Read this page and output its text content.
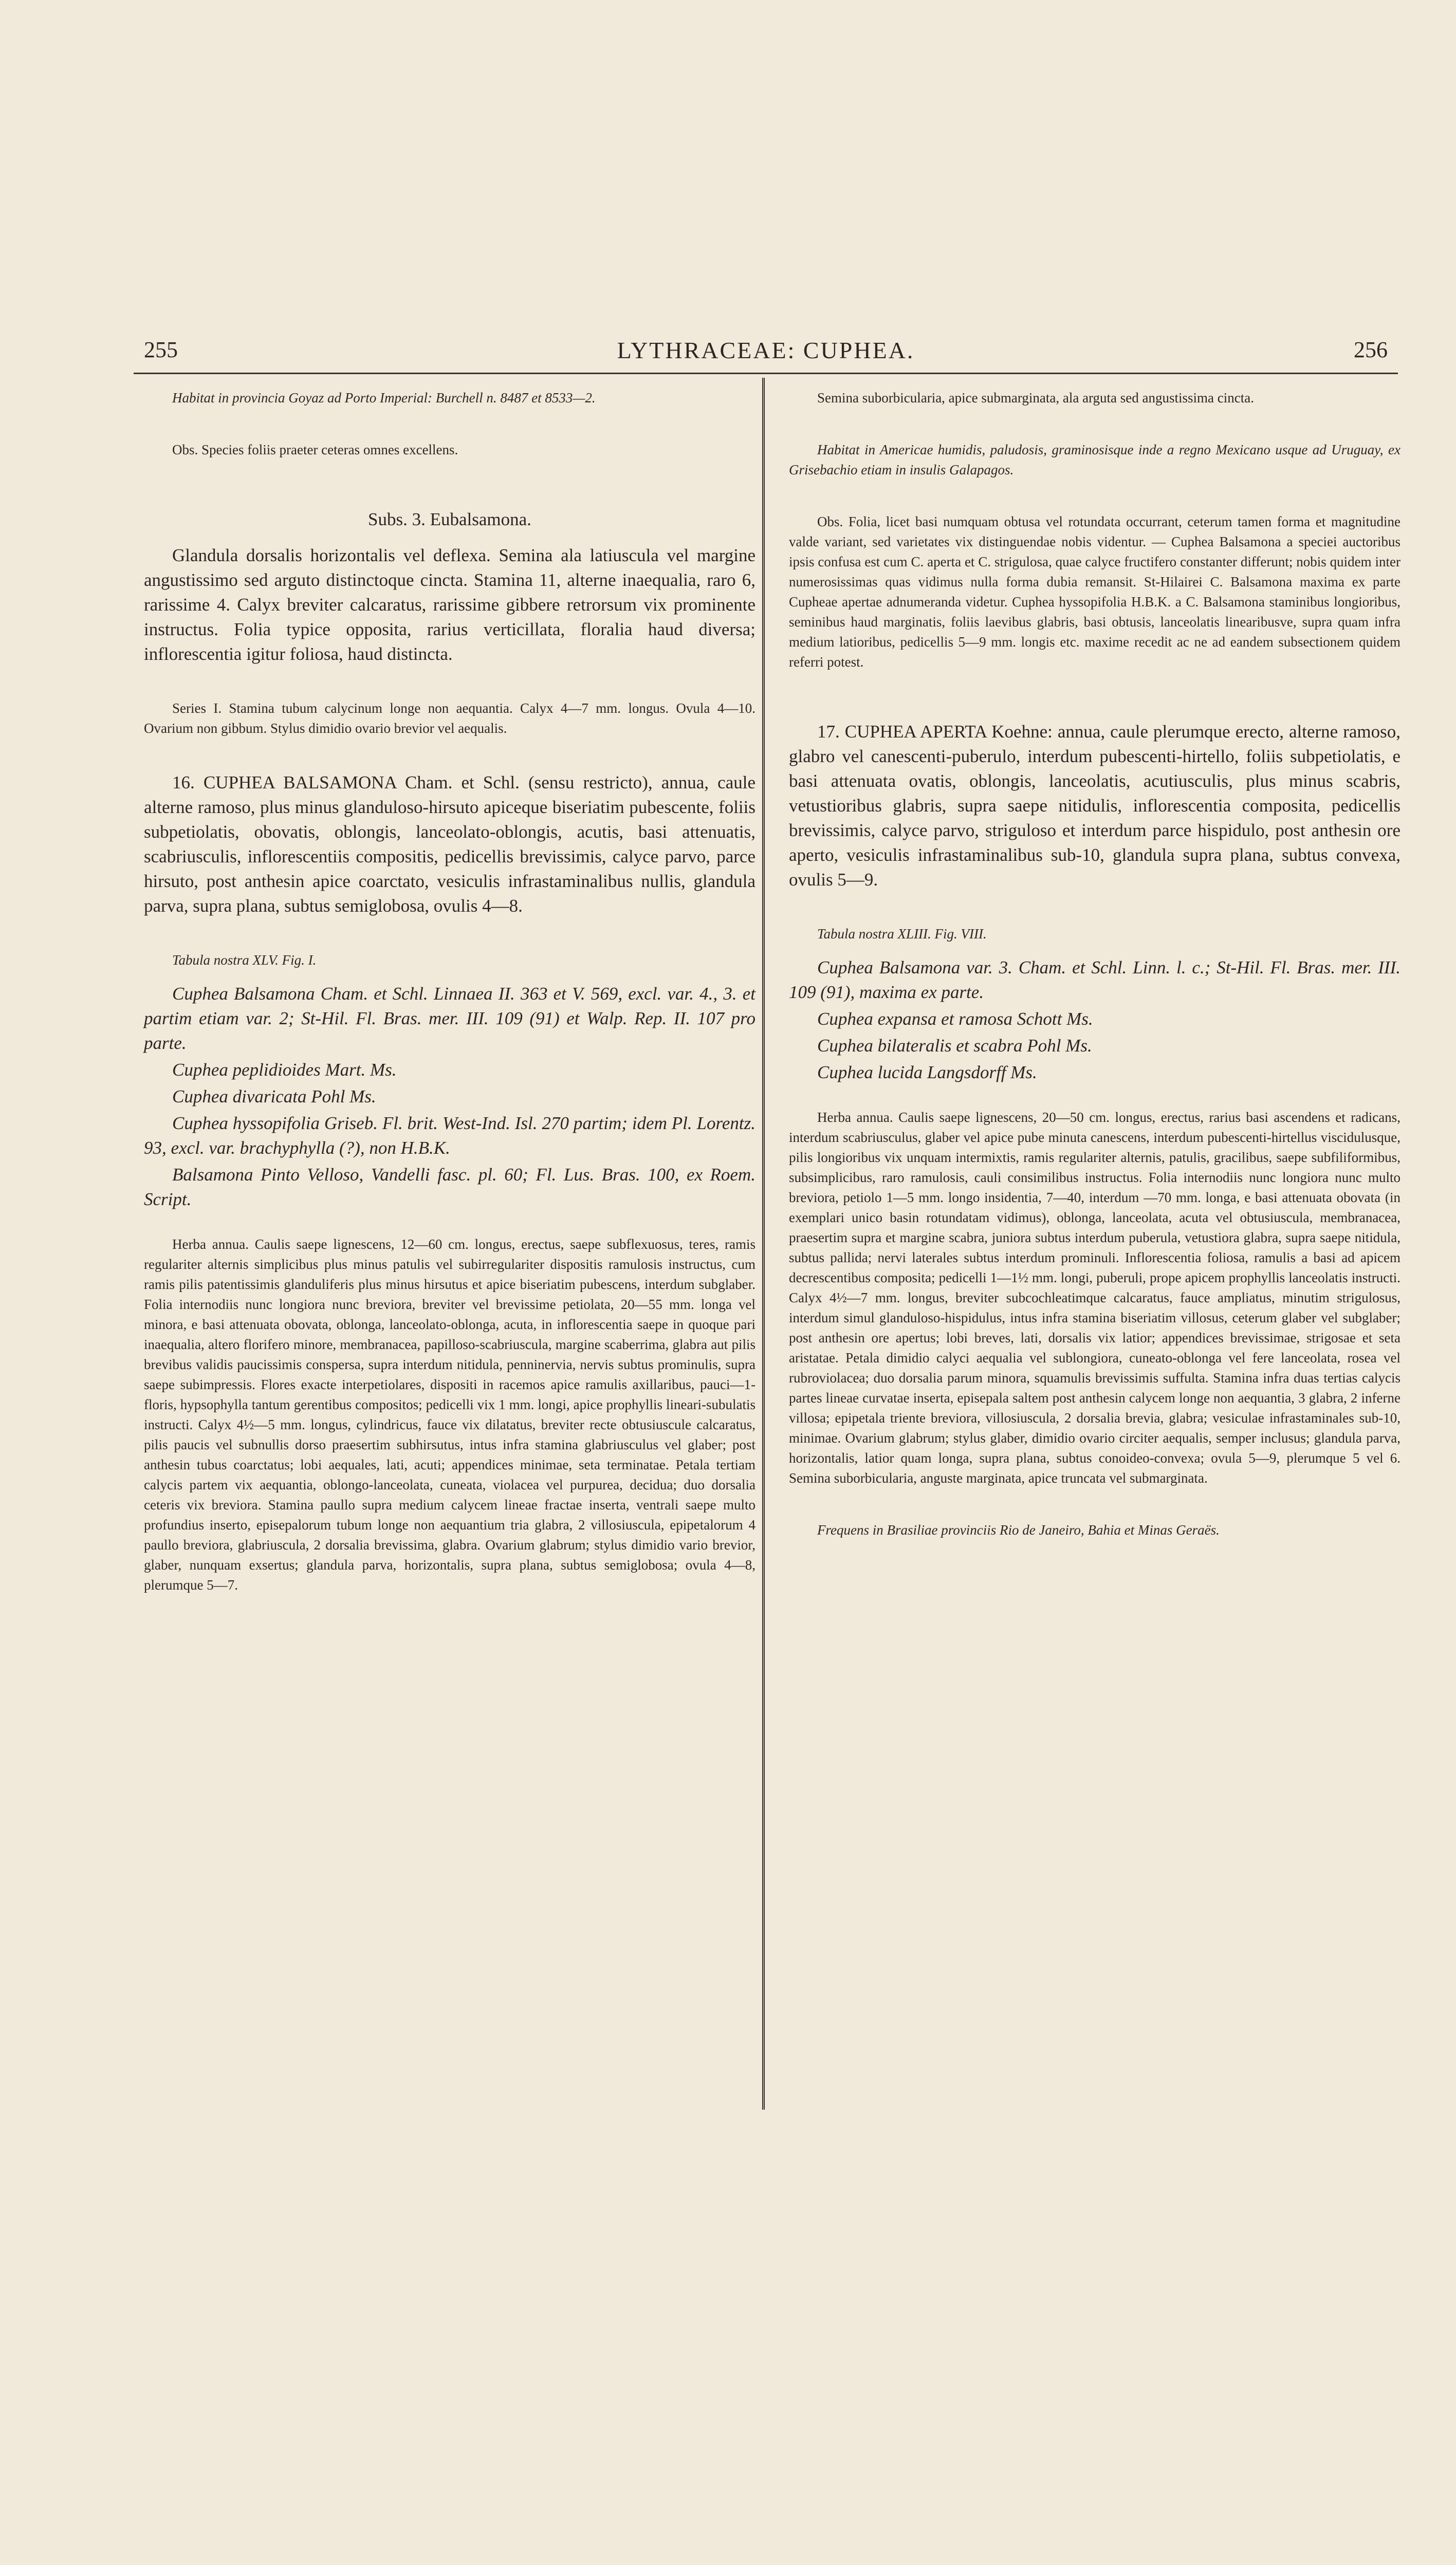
255	LYTHRACEAE: CUPHEA.	256

Habitat in provincia Goyaz ad Porto Imperial: Burchell n. 8487 et 8533—2.

Obs. Species foliis praeter ceteras omnes excellens.

Subs. 3. Eubalsamona.

Glandula dorsalis horizontalis vel deflexa. Semina ala latiuscula vel margine angustissimo sed arguto distinctoque cincta. Stamina 11, alterne inaequalia, raro 6, rarissime 4. Calyx breviter calcaratus, rarissime gibbere retrorsum vix prominente instructus. Folia typice opposita, rarius verticillata, floralia haud diversa; inflorescentia igitur foliosa, haud distincta.

Series I. Stamina tubum calycinum longe non aequantia. Calyx 4—7 mm. longus. Ovula 4—10. Ovarium non gibbum. Stylus dimidio ovario brevior vel aequalis.

16. CUPHEA BALSAMONA Cham. et Schl. (sensu restricto), annua, caule alterne ramoso, plus minus glanduloso-hirsuto apiceque biseriatim pubescente, foliis subpetiolatis, obovatis, oblongis, lanceolato-oblongis, acutis, basi attenuatis, scabriusculis, inflorescentiis compositis, pedicellis brevissimis, calyce parvo, parce hirsuto, post anthesin apice coarctato, vesiculis infrastaminalibus nullis, glandula parva, supra plana, subtus semiglobosa, ovulis 4—8.

Tabula nostra XLV. Fig. I.

Cuphea Balsamona Cham. et Schl. Linnaea II. 363 et V. 569, excl. var. 4., 3. et partim etiam var. 2; St-Hil. Fl. Bras. mer. III. 109 (91) et Walp. Rep. II. 107 pro parte.

Cuphea peplidioides Mart. Ms.

Cuphea divaricata Pohl Ms.

Cuphea hyssopifolia Griseb. Fl. brit. West-Ind. Isl. 270 partim; idem Pl. Lorentz. 93, excl. var. brachyphylla (?), non H.B.K.

Balsamona Pinto Velloso, Vandelli fasc. pl. 60; Fl. Lus. Bras. 100, ex Roem. Script.

Herba annua. Caulis saepe lignescens, 12—60 cm. longus, erectus, saepe subflexuosus, teres, ramis regulariter alternis simplicibus plus minus patulis vel subirregulariter dispositis ramulosis instructus, cum ramis pilis patentissimis glanduliferis plus minus hirsutus et apice biseriatim pubescens, interdum subglaber. Folia internodiis nunc longiora nunc breviora, breviter vel brevissime petiolata, 20—55 mm. longa vel minora, e basi attenuata obovata, oblonga, lanceolato-oblonga, acuta, in inflorescentia saepe in quoque pari inaequalia, altero florifero minore, membranacea, papilloso-scabriuscula, margine scaberrima, glabra aut pilis brevibus validis paucissimis conspersa, supra interdum nitidula, penninervia, nervis subtus prominulis, supra saepe subimpressis. Flores exacte interpetiolares, dispositi in racemos apice ramulis axillaribus, pauci—1-floris, hypsophylla tantum gerentibus compositos; pedicelli vix 1 mm. longi, apice prophyllis lineari-subulatis instructi. Calyx 4½—5 mm. longus, cylindricus, fauce vix dilatatus, breviter recte obtusiuscule calcaratus, pilis paucis vel subnullis dorso praesertim subhirsutus, intus infra stamina glabriusculus vel glaber; post anthesin tubus coarctatus; lobi aequales, lati, acuti; appendices minimae, seta terminatae. Petala tertiam calycis partem vix aequantia, oblongo-lanceolata, cuneata, violacea vel purpurea, decidua; duo dorsalia ceteris vix breviora. Stamina paullo supra medium calycem lineae fractae inserta, ventrali saepe multo profundius inserto, episepalorum tubum longe non aequantium tria glabra, 2 villosiuscula, epipetalorum 4 paullo breviora, glabriuscula, 2 dorsalia brevissima, glabra. Ovarium glabrum; stylus dimidio vario brevior, glaber, nunquam exsertus; glandula parva, horizontalis, supra plana, subtus semiglobosa; ovula 4—8, plerumque 5—7.

Semina suborbicularia, apice submarginata, ala arguta sed angustissima cincta.

Habitat in Americae humidis, paludosis, graminosisque inde a regno Mexicano usque ad Uruguay, ex Grisebachio etiam in insulis Galapagos.

Obs. Folia, licet basi numquam obtusa vel rotundata occurrant, ceterum tamen forma et magnitudine valde variant, sed varietates vix distinguendae nobis videntur. — Cuphea Balsamona a speciei auctoribus ipsis confusa est cum C. aperta et C. strigulosa, quae calyce fructifero constanter differunt; nobis quidem inter numerosissimas quas vidimus nulla forma dubia remansit. St-Hilairei C. Balsamona maxima ex parte Cupheae apertae adnumeranda videtur. Cuphea hyssopifolia H.B.K. a C. Balsamona staminibus longioribus, seminibus haud marginatis, foliis laevibus glabris, basi obtusis, lanceolatis linearibusve, supra quam infra medium latioribus, pedicellis 5—9 mm. longis etc. maxime recedit ac ne ad eandem subsectionem quidem referri potest.

17. CUPHEA APERTA Koehne: annua, caule plerumque erecto, alterne ramoso, glabro vel canescenti-puberulo, interdum pubescenti-hirtello, foliis subpetiolatis, e basi attenuata ovatis, oblongis, lanceolatis, acutiusculis, plus minus scabris, vetustioribus glabris, supra saepe nitidulis, inflorescentia composita, pedicellis brevissimis, calyce parvo, striguloso et interdum parce hispidulo, post anthesin ore aperto, vesiculis infrastaminalibus sub-10, glandula supra plana, subtus convexa, ovulis 5—9.

Tabula nostra XLIII. Fig. VIII.

Cuphea Balsamona var. 3. Cham. et Schl. Linn. l. c.; St-Hil. Fl. Bras. mer. III. 109 (91), maxima ex parte.

Cuphea expansa et ramosa Schott Ms.

Cuphea bilateralis et scabra Pohl Ms.

Cuphea lucida Langsdorff Ms.

Herba annua. Caulis saepe lignescens, 20—50 cm. longus, erectus, rarius basi ascendens et radicans, interdum scabriusculus, glaber vel apice pube minuta canescens, interdum pubescenti-hirtellus viscidulusque, pilis longioribus vix unquam intermixtis, ramis regulariter alternis, patulis, gracilibus, saepe subfiliformibus, subsimplicibus, raro ramulosis, cauli consimilibus instructus. Folia internodiis nunc longiora nunc multo breviora, petiolo 1—5 mm. longo insidentia, 7—40, interdum —70 mm. longa, e basi attenuata obovata (in exemplari unico basin rotundatam vidimus), oblonga, lanceolata, acuta vel obtusiuscula, membranacea, praesertim supra et margine scabra, juniora subtus interdum puberula, vetustiora glabra, supra saepe nitidula, subtus pallida; nervi laterales subtus interdum prominuli. Inflorescentia foliosa, ramulis a basi ad apicem decrescentibus composita; pedicelli 1—1½ mm. longi, puberuli, prope apicem prophyllis lanceolatis instructi. Calyx 4½—7 mm. longus, breviter subcochleatimque calcaratus, fauce ampliatus, minutim strigulosus, interdum simul glanduloso-hispidulus, intus infra stamina biseriatim villosus, ceterum glaber vel subglaber; post anthesin ore apertus; lobi breves, lati, dorsalis vix latior; appendices brevissimae, strigosae et seta aristatae. Petala dimidio calyci aequalia vel sublongiora, cuneato-oblonga vel fere lanceolata, rosea vel rubroviolacea; duo dorsalia parum minora, squamulis brevissimis suffulta. Stamina infra duas tertias calycis partes lineae curvatae inserta, episepala saltem post anthesin calycem longe non aequantia, 3 glabra, 2 inferne villosa; epipetala triente breviora, villosiuscula, 2 dorsalia brevia, glabra; vesiculae infrastaminales sub-10, minimae. Ovarium glabrum; stylus glaber, dimidio ovario circiter aequalis, semper inclusus; glandula parva, horizontalis, latior quam longa, supra plana, subtus conoideo-convexa; ovula 5—9, plerumque 5 vel 6. Semina suborbicularia, anguste marginata, apice truncata vel submarginata.

Frequens in Brasiliae provinciis Rio de Janeiro, Bahia et Minas Geraës.
